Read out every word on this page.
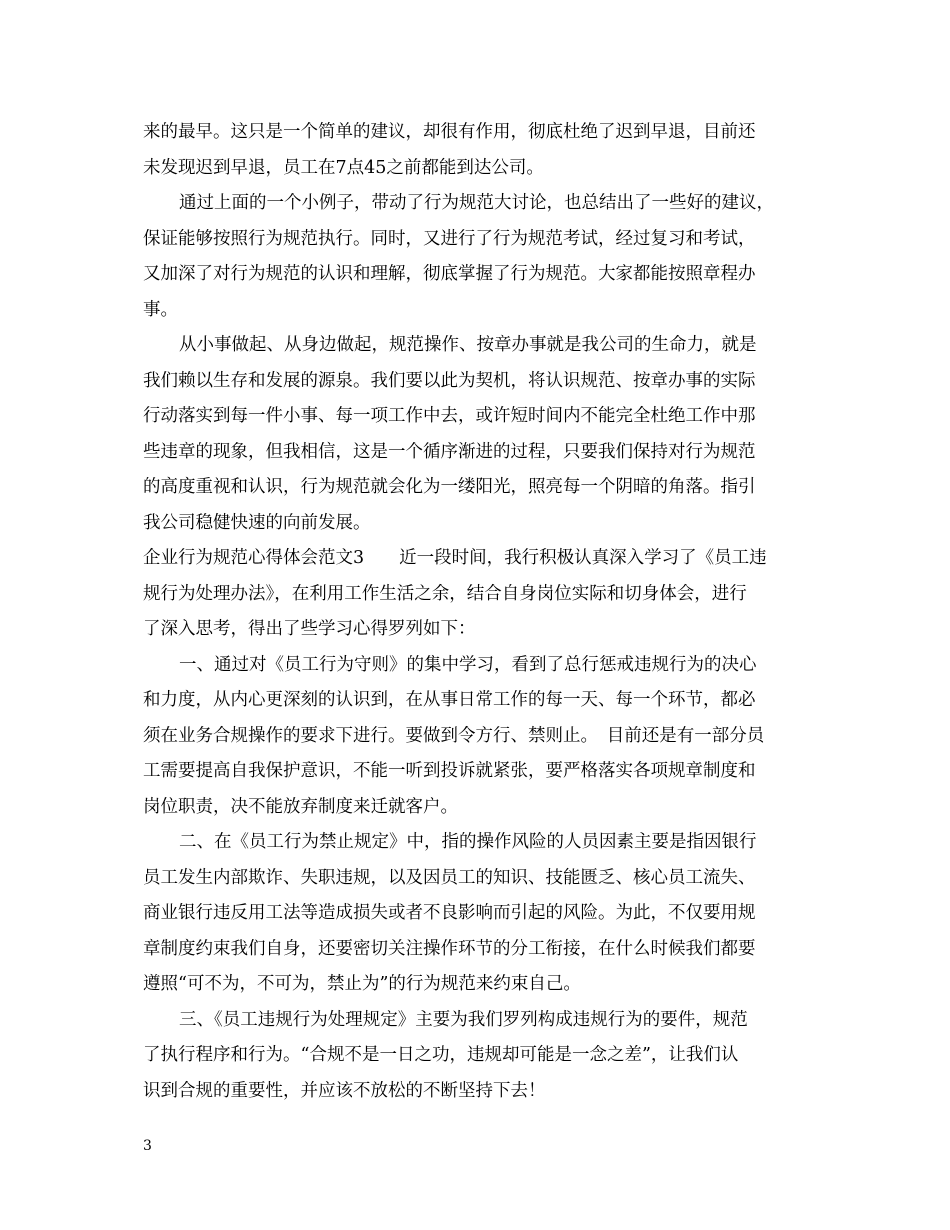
来的最早。这只是一个简单的建议，却很有作用，彻底杜绝了迟到早退，目前还
未发现迟到早退，员工在7点45之前都能到达公司。
通过上面的一个小例子，带动了行为规范大讨论，也总结出了一些好的建议，
保证能够按照行为规范执行。同时，又进行了行为规范考试，经过复习和考试，
又加深了对行为规范的认识和理解，彻底掌握了行为规范。大家都能按照章程办
事。
从小事做起、从身边做起，规范操作、按章办事就是我公司的生命力，就是
我们赖以生存和发展的源泉。我们要以此为契机，将认识规范、按章办事的实际
行动落实到每一件小事、每一项工作中去，或许短时间内不能完全杜绝工作中那
些违章的现象，但我相信，这是一个循序渐进的过程，只要我们保持对行为规范
的高度重视和认识，行为规范就会化为一缕阳光，照亮每一个阴暗的角落。指引
我公司稳健快速的向前发展。
企业行为规范心得体会范文3　　近一段时间，我行积极认真深入学习了《员工违
规行为处理办法》，在利用工作生活之余，结合自身岗位实际和切身体会，进行
了深入思考，得出了些学习心得罗列如下：
一、通过对《员工行为守则》的集中学习，看到了总行惩戒违规行为的决心
和力度，从内心更深刻的认识到，在从事日常工作的每一天、每一个环节，都必
须在业务合规操作的要求下进行。要做到令方行、禁则止。　目前还是有一部分员
工需要提高自我保护意识，不能一听到投诉就紧张，要严格落实各项规章制度和
岗位职责，决不能放弃制度来迁就客户。
二、在《员工行为禁止规定》中，指的操作风险的人员因素主要是指因银行
员工发生内部欺诈、失职违规，以及因员工的知识、技能匮乏、核心员工流失、
商业银行违反用工法等造成损失或者不良影响而引起的风险。为此，不仅要用规
章制度约束我们自身，还要密切关注操作环节的分工衔接，在什么时候我们都要
遵照“可不为，不可为，禁止为”的行为规范来约束自己。
三、《员工违规行为处理规定》主要为我们罗列构成违规行为的要件，规范
了执行程序和行为。“合规不是一日之功，违规却可能是一念之差”，让我们认
识到合规的重要性，并应该不放松的不断坚持下去！
3
